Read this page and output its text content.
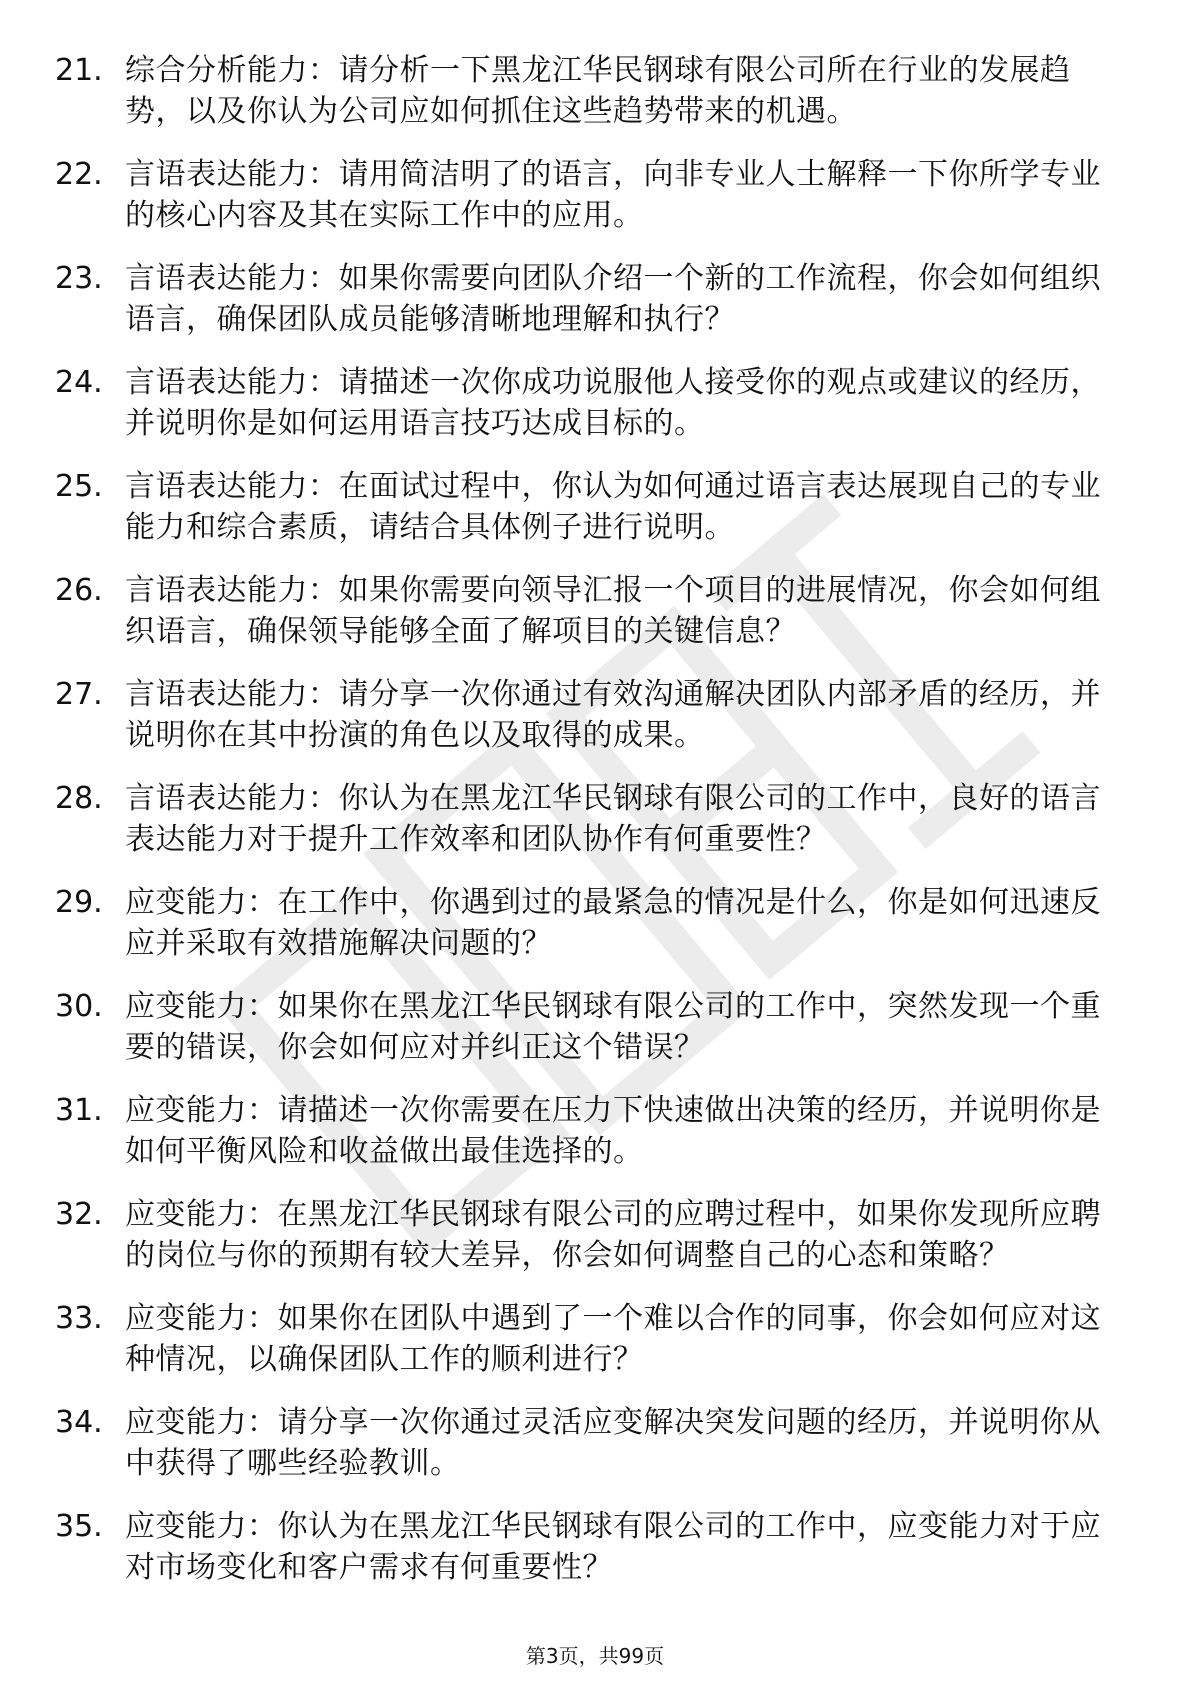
21. 综合分析能力：请分析一下黑龙江华民钢球有限公司所在行业的发展趋势，以及你认为公司应如何抓住这些趋势带来的机遇。
22. 言语表达能力：请用简洁明了的语言，向非专业人士解释一下你所学专业的核心内容及其在实际工作中的应用。
23. 言语表达能力：如果你需要向团队介绍一个新的工作流程，你会如何组织语言，确保团队成员能够清晰地理解和执行？
24. 言语表达能力：请描述一次你成功说服他人接受你的观点或建议的经历，并说明你是如何运用语言技巧达成目标的。
25. 言语表达能力：在面试过程中，你认为如何通过语言表达展现自己的专业能力和综合素质，请结合具体例子进行说明。
26. 言语表达能力：如果你需要向领导汇报一个项目的进展情况，你会如何组织语言，确保领导能够全面了解项目的关键信息？
27. 言语表达能力：请分享一次你通过有效沟通解决团队内部矛盾的经历，并说明你在其中扮演的角色以及取得的成果。
28. 言语表达能力：你认为在黑龙江华民钢球有限公司的工作中，良好的语言表达能力对于提升工作效率和团队协作有何重要性？
29. 应变能力：在工作中，你遇到过的最紧急的情况是什么，你是如何迅速反应并采取有效措施解决问题的？
30. 应变能力：如果你在黑龙江华民钢球有限公司的工作中，突然发现一个重要的错误，你会如何应对并纠正这个错误？
31. 应变能力：请描述一次你需要在压力下快速做出决策的经历，并说明你是如何平衡风险和收益做出最佳选择的。
32. 应变能力：在黑龙江华民钢球有限公司的应聘过程中，如果你发现所应聘的岗位与你的预期有较大差异，你会如何调整自己的心态和策略？
33. 应变能力：如果你在团队中遇到了一个难以合作的同事，你会如何应对这种情况，以确保团队工作的顺利进行？
34. 应变能力：请分享一次你通过灵活应变解决突发问题的经历，并说明你从中获得了哪些经验教训。
35. 应变能力：你认为在黑龙江华民钢球有限公司的工作中，应变能力对于应对市场变化和客户需求有何重要性？
第3页，共99页
